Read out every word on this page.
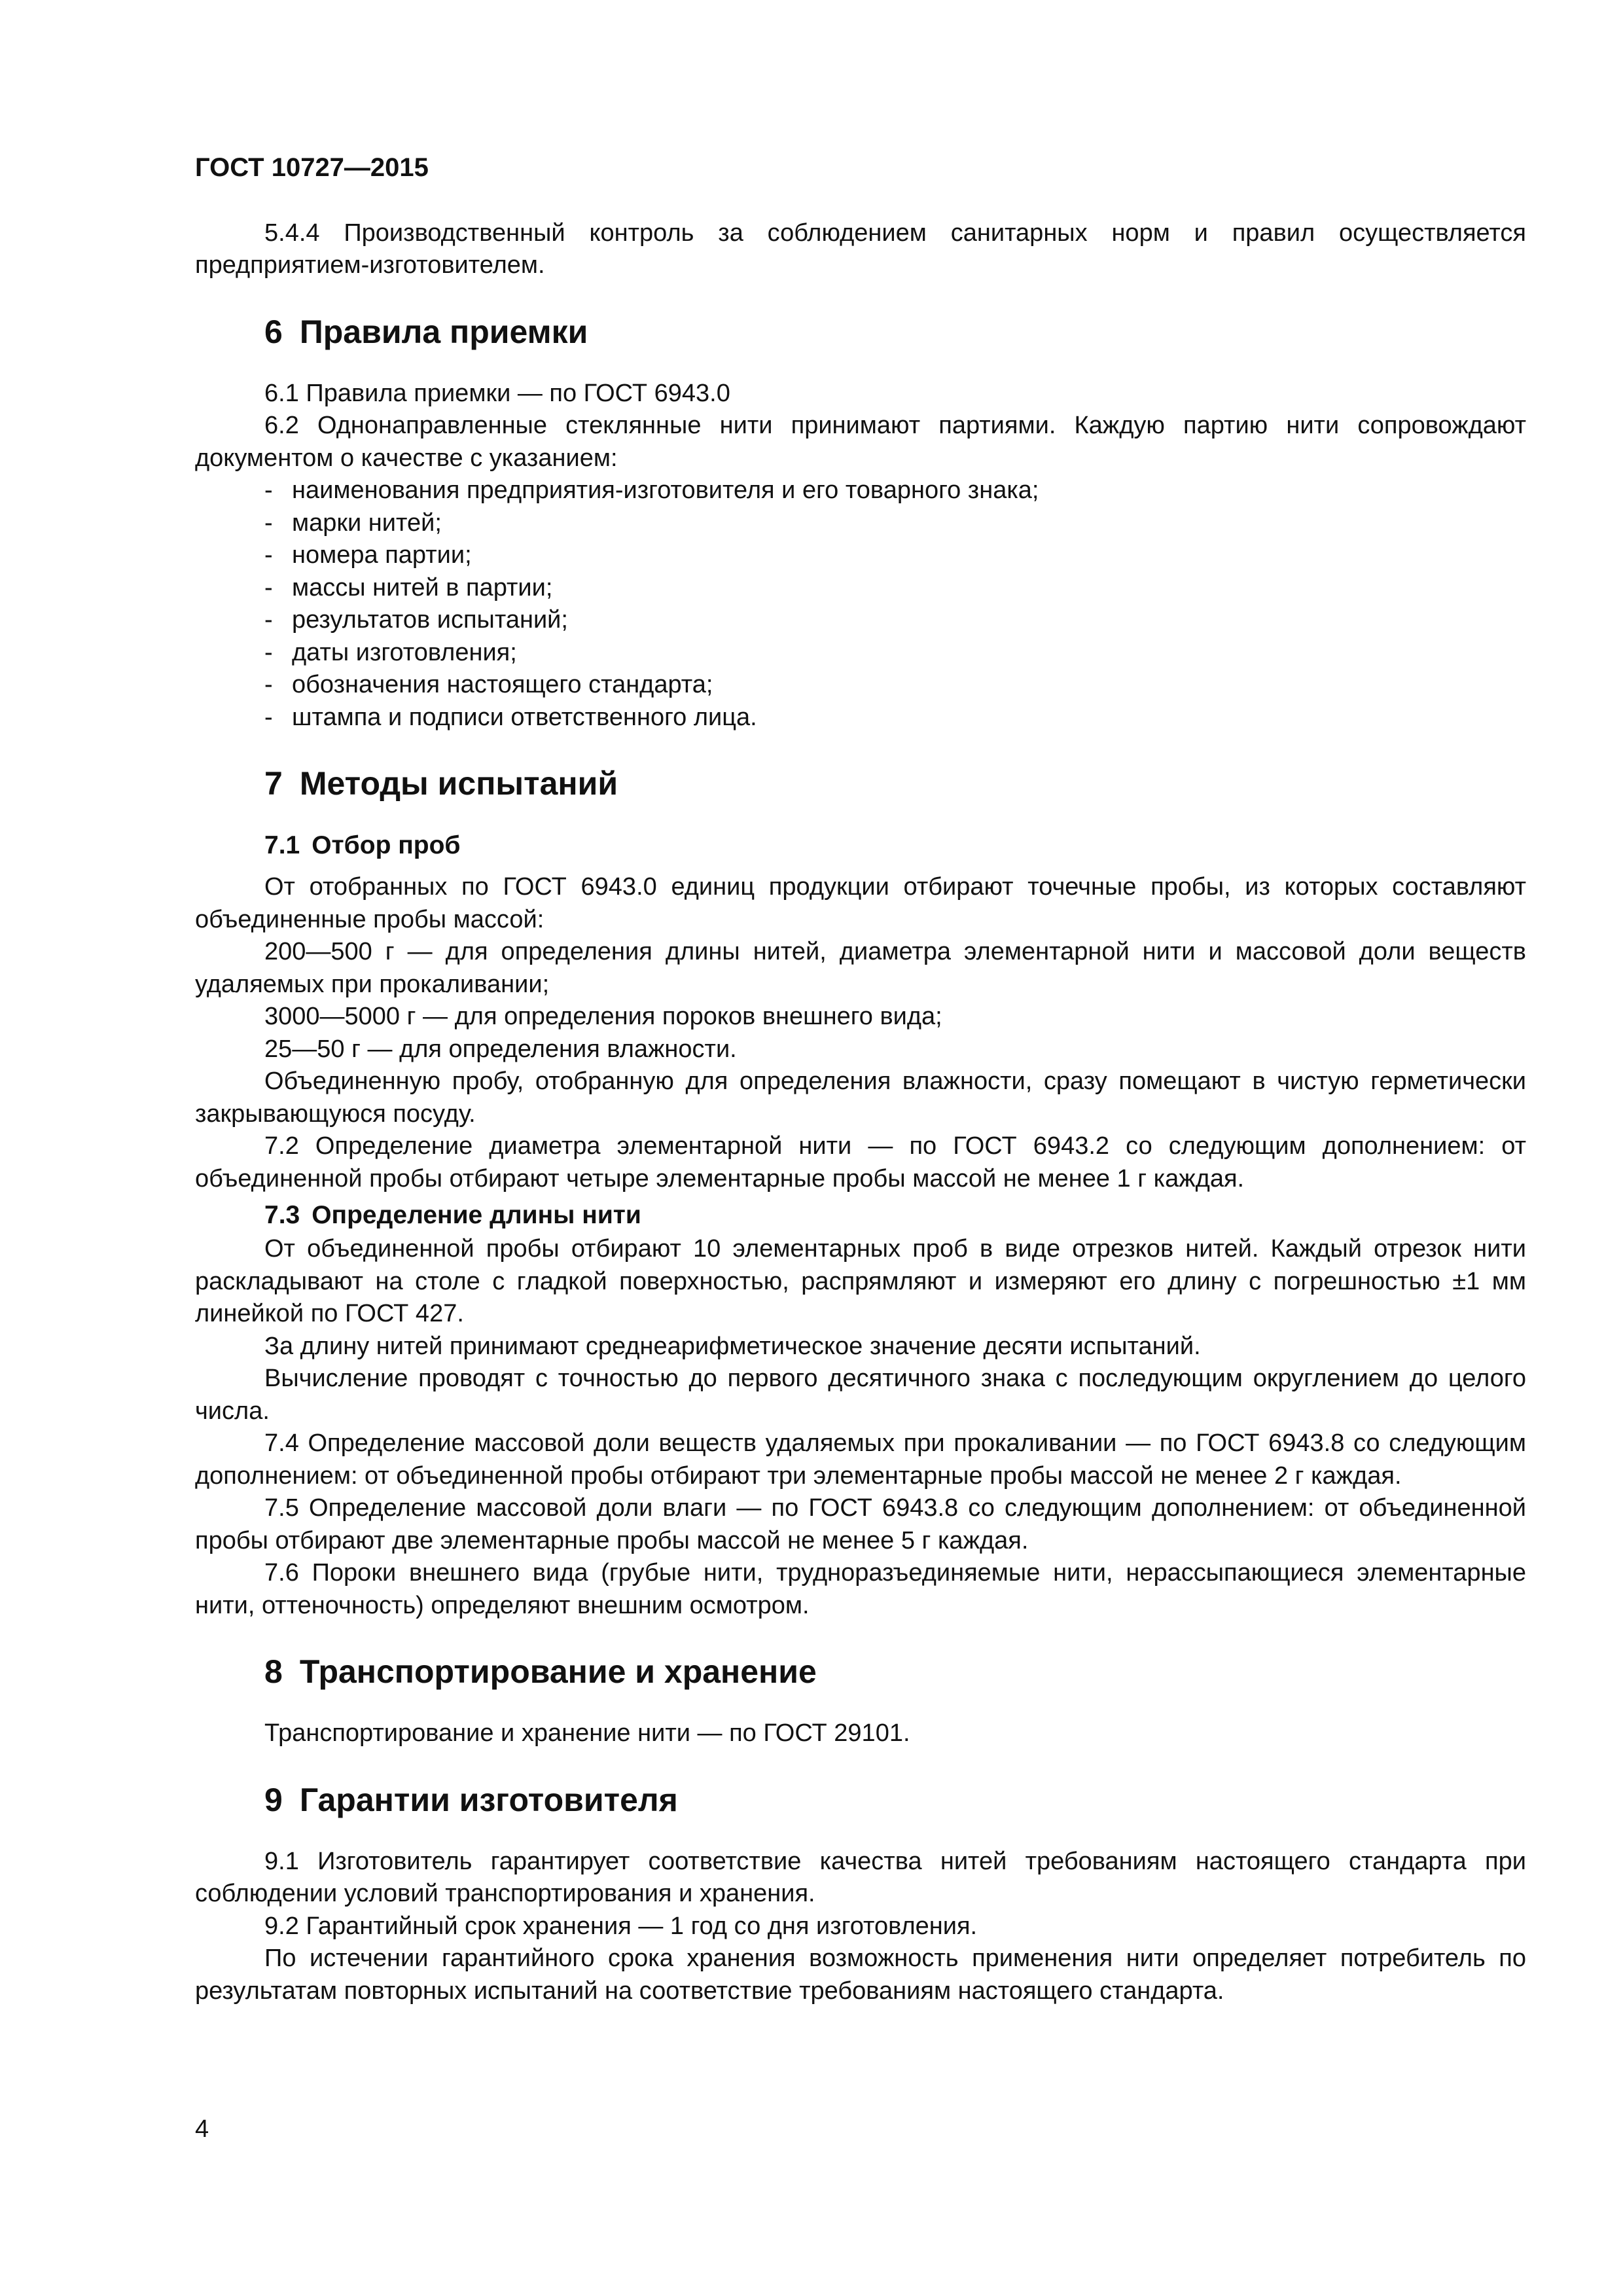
ГОСТ 10727—2015

5.4.4 Производственный контроль за соблюдением санитарных норм и правил осуществляется предприятием-изготовителем.

6 Правила приемки

6.1 Правила приемки — по ГОСТ 6943.0

6.2 Однонаправленные стеклянные нити принимают партиями. Каждую партию нити сопровождают документом о качестве с указанием:

- наименования предприятия-изготовителя и его товарного знака;
- марки нитей;
- номера партии;
- массы нитей в партии;
- результатов испытаний;
- даты изготовления;
- обозначения настоящего стандарта;
- штампа и подписи ответственного лица.
7 Методы испытаний
7.1 Отбор проб

От отобранных по ГОСТ 6943.0 единиц продукции отбирают точечные пробы, из которых составляют объединенные пробы массой:

200—500 г — для определения длины нитей, диаметра элементарной нити и массовой доли веществ удаляемых при прокаливании;

3000—5000 г — для определения пороков внешнего вида;

25—50 г — для определения влажности.

Объединенную пробу, отобранную для определения влажности, сразу помещают в чистую герметически закрывающуюся посуду.

7.2 Определение диаметра элементарной нити — по ГОСТ 6943.2 со следующим дополнением: от объединенной пробы отбирают четыре элементарные пробы массой не менее 1 г каждая.

7.3 Определение длины нити

От объединенной пробы отбирают 10 элементарных проб в виде отрезков нитей. Каждый отрезок нити раскладывают на столе с гладкой поверхностью, распрямляют и измеряют его длину с погрешностью ±1 мм линейкой по ГОСТ 427.

За длину нитей принимают среднеарифметическое значение десяти испытаний.

Вычисление проводят с точностью до первого десятичного знака с последующим округлением до целого числа.

7.4 Определение массовой доли веществ удаляемых при прокаливании — по ГОСТ 6943.8 со следующим дополнением: от объединенной пробы отбирают три элементарные пробы массой не менее 2 г каждая.

7.5 Определение массовой доли влаги — по ГОСТ 6943.8 со следующим дополнением: от объединенной пробы отбирают две элементарные пробы массой не менее 5 г каждая.

7.6 Пороки внешнего вида (грубые нити, трудноразъединяемые нити, нерассыпающиеся элементарные нити, оттеночность) определяют внешним осмотром.

8 Транспортирование и хранение

Транспортирование и хранение нити — по ГОСТ 29101.

9 Гарантии изготовителя

9.1 Изготовитель гарантирует соответствие качества нитей требованиям настоящего стандарта при соблюдении условий транспортирования и хранения.

9.2 Гарантийный срок хранения — 1 год со дня изготовления.

По истечении гарантийного срока хранения возможность применения нити определяет потребитель по результатам повторных испытаний на соответствие требованиям настоящего стандарта.

4
